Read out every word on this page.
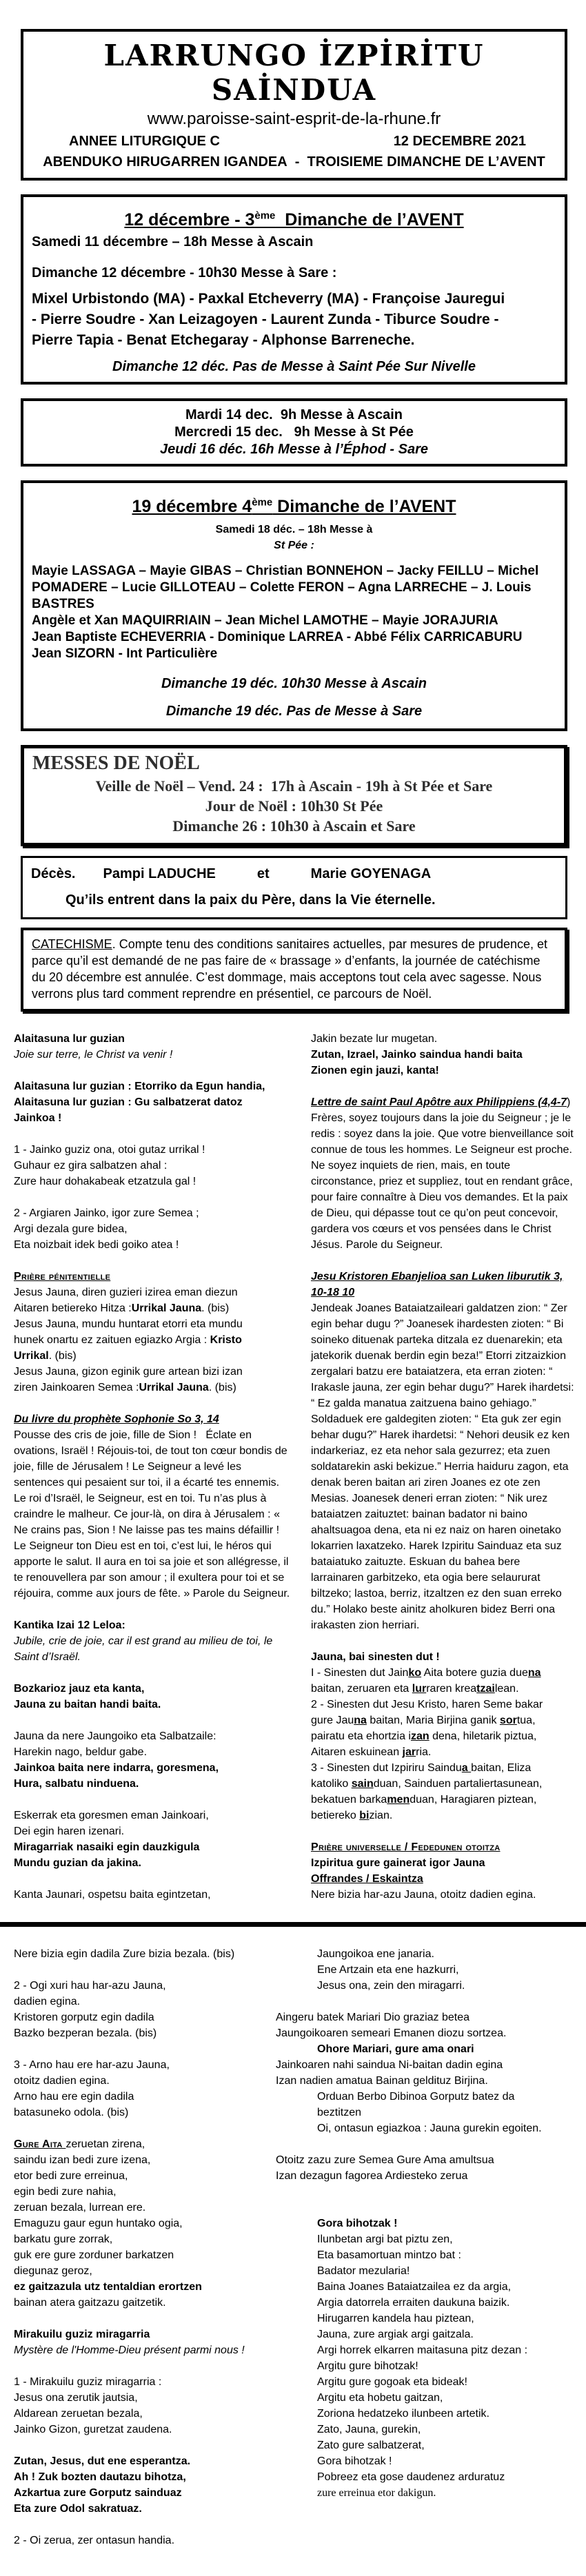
LARRUNGO İZPİRİTU SAİNDUA
www.paroisse-saint-esprit-de-la-rhune.fr
ANNEE LITURGIQUE C	12 DECEMBRE 2021
ABENDUKO HIRUGARREN IGANDEA  -  TROISIEME DIMANCHE DE L’AVENT
12 décembre - 3ème  Dimanche de l’AVENT
Samedi 11 décembre – 18h Messe à Ascain
Dimanche 12 décembre - 10h30 Messe à Sare :
Mixel Urbistondo (MA) - Paxkal Etcheverry (MA) - Françoise Jauregui
- Pierre Soudre - Xan Leizagoyen - Laurent Zunda - Tiburce Soudre -
Pierre Tapia - Benat Etchegaray - Alphonse Barreneche.
Dimanche 12 déc. Pas de Messe à Saint Pée Sur Nivelle
Mardi 14 dec.  9h Messe à Ascain
Mercredi 15 dec.   9h Messe à St Pée
Jeudi 16 déc. 16h Messe à l’Éphod - Sare
19 décembre 4ème Dimanche de l’AVENT
Samedi 18 déc. – 18h Messe à
St Pée :
Mayie LASSAGA – Mayie GIBAS – Christian BONNEHON – Jacky FEILLU – Michel
POMADERE – Lucie GILLOTEAU – Colette FERON – Agna LARRECHE – J. Louis BASTRES
Angèle et Xan MAQUIRRIAIN – Jean Michel LAMOTHE – Mayie JORAJURIA
Jean Baptiste ECHEVERRIA - Dominique LARREA - Abbé Félix CARRICABURU
Jean SIZORN - Int Particulière
Dimanche 19 déc. 10h30 Messe à Ascain
Dimanche 19 déc. Pas de Messe à Sare
MESSES DE NOËL
Veille de Noël – Vend. 24 :  17h à Ascain - 19h à St Pée et Sare
Jour de Noël : 10h30 St Pée
Dimanche 26 : 10h30 à Ascain et Sare
Décès. Pampi LADUCHE	et	Marie GOYENAGA
Qu’ils entrent dans la paix du Père, dans la Vie éternelle.
CATECHISME. Compte tenu des conditions sanitaires actuelles, par mesures de prudence, et parce qu’il est demandé de ne pas faire de « brassage » d’enfants, la journée de catéchisme du 20 décembre est annulée. C’est dommage, mais acceptons tout cela avec sagesse. Nous verrons plus tard comment reprendre en présentiel, ce parcours de Noël.
Alaitasuna lur guzian
Joie sur terre, le Christ va venir !
Alaitasuna lur guzian : Etorriko da Egun handia,
Alaitasuna lur guzian : Gu salbatzerat datoz
Jainkoa !
1 - Jainko guziz ona, otoi gutaz urrikal !
Guhaur ez gira salbatzen ahal :
Zure haur dohakabeak etzatzula gal !
2 - Argiaren Jainko, igor zure Semea ;
Argi dezala gure bidea,
Eta noizbait idek bedi goiko atea !
Prière pénitentielle
Jesus Jauna, diren guzieri izirea eman diezun
Aitaren betiereko Hitza :Urrikal Jauna. (bis)
Jesus Jauna, mundu huntarat etorri eta mundu
hunek onartu ez zaituen egiazko Argia : Kristo
Urrikal. (bis)
Jesus Jauna, gizon eginik gure artean bizi izan
ziren Jainkoaren Semea :Urrikal Jauna. (bis)
Du livre du prophète Sophonie So 3, 14
Pousse des cris de joie, fille de Sion !   Éclate en ovations, Israël ! Réjouis-toi, de tout ton cœur bondis de joie, fille de Jérusalem ! Le Seigneur a levé les sentences qui pesaient sur toi, il a écarté tes ennemis. Le roi d’Israël, le Seigneur, est en toi. Tu n’as plus à craindre le malheur. Ce jour-là, on dira à Jérusalem : « Ne crains pas, Sion ! Ne laisse pas tes mains défaillir ! Le Seigneur ton Dieu est en toi, c’est lui, le héros qui apporte le salut. Il aura en toi sa joie et son allégresse, il te renouvellera par son amour ; il exultera pour toi et se réjouira, comme aux jours de fête. » Parole du Seigneur.
Kantika Izai 12 Leloa:
Jubile, crie de joie, car il est grand au milieu de toi, le Saint d’Israël.
Bozkarioz jauz eta kanta,
Jauna zu baitan handi baita.
Jauna da nere Jaungoiko eta Salbatzaile:
Harekin nago, beldur gabe.
Jainkoa baita nere indarra, goresmena,
Hura, salbatu ninduena.
Eskerrak eta goresmen eman Jainkoari,
Dei egin haren izenari.
Miragarriak nasaiki egin dauzkigula
Mundu guzian da jakina.
Kanta Jaunari, ospetsu baita egintzetan,
Jakin bezate lur mugetan.
Zutan, Izrael, Jainko saindua handi baita
Zionen egin jauzi, kanta!
Lettre de saint Paul Apôtre aux Philippiens (4,4-7) Frères, soyez toujours dans la joie du Seigneur ; je le redis : soyez dans la joie. Que votre bienveillance soit connue de tous les hommes. Le Seigneur est proche. Ne soyez inquiets de rien, mais, en toute circonstance, priez et suppliez, tout en rendant grâce, pour faire connaître à Dieu vos demandes. Et la paix de Dieu, qui dépasse tout ce qu’on peut concevoir, gardera vos cœurs et vos pensées dans le Christ Jésus. Parole du Seigneur.
Jesu Kristoren Ebanjelioa san Luken liburutik 3, 10-18 10
Jendeak Joanes Bataiatzaileari galdatzen zion: “ Zer egin behar dugu ?” Joanesek ihardesten zioten: “ Bi soineko dituenak parteka ditzala ez duenarekin; eta jatekorik duenak berdin egin beza!” Etorri zitzaizkion zergalari batzu ere bataiatzera, eta erran zioten: “ Irakasle jauna, zer egin behar dugu?” Harek ihardetsi: “ Ez galda manatua zaitzuena baino gehiago.” Soldaduek ere galdegiten zioten: “ Eta guk zer egin behar dugu?” Harek ihardetsi: “ Nehori deusik ez ken indarkeriaz, ez eta nehor sala gezurrez; eta zuen soldatarekin aski bekizue.” Herria haiduru zagon, eta denak beren baitan ari ziren Joanes ez ote zen Mesias. Joanesek deneri erran zioten: “ Nik urez bataiatzen zaituztet: bainan badator ni baino ahaltsuagoa dena, eta ni ez naiz on haren oinetako lokarrien laxatzeko. Harek Izpiritu Sainduaz eta suz bataiatuko zaituzte. Eskuan du bahea bere larrainaren garbitzeko, eta ogia bere selaururat biltzeko; lastoa, berriz, itzaltzen ez den suan erreko du.” Holako beste ainitz aholkuren bidez Berri ona irakasten zion herriari.
Jauna, bai sinesten dut !
I - Sinesten dut Jainko Aita botere guzia duena
baitan, zeruaren eta lurraren kreatzailean.
2 - Sinesten dut Jesu Kristo, haren Seme bakar
gure Jauna baitan, Maria Birjina ganik sortua,
pairatu eta ehortzia izan dena, hiletarik piztua,
Aitaren eskuinean jarria.
3 - Sinesten dut Izpiriru Saindua baitan, Eliza
katoliko sainduan, Sainduen partaliertasunean,
bekatuen barkamenduan, Haragiaren piztean,
betiereko bizian.
Prière universelle / Fededunen otoitza
Izpiritua gure gainerat igor Jauna
Offrandes / Eskaintza
Nere bizia har-azu Jauna, otoitz dadien egina.
Nere bizia egin dadila Zure bizia bezala. (bis)
2 - Ogi xuri hau har-azu Jauna,
dadien egina.
Kristoren gorputz egin dadila
Bazko bezperan bezala. (bis)
3 - Arno hau ere har-azu Jauna,
otoitz dadien egina.
Arno hau ere egin dadila
batasuneko odola. (bis)
Gure Aita zeruetan zirena,
saindu izan bedi zure izena,
etor bedi zure erreinua,
egin bedi zure nahia,
zeruan bezala, lurrean ere.
Emaguzu gaur egun huntako ogia,
barkatu gure zorrak,
guk ere gure zorduner barkatzen
diegunaz geroz,
ez gaitzazula utz tentaldian erortzen
bainan atera gaitzazu gaitzetik.
Mirakuilu guziz miragarria
Mystère de l'Homme-Dieu présent parmi nous !
1 - Mirakuilu guziz miragarria :
Jesus ona zerutik jautsia,
Aldarean zeruetan bezala,
Jainko Gizon, guretzat zaudena.
Zutan, Jesus, dut ene esperantza.
Ah ! Zuk bozten dautazu bihotza,
Azkartua zure Gorputz sainduaz
Eta zure Odol sakratuaz.
2 - Oi zerua, zer ontasun handia.
Jaungoikoa ene janaria.
Ene Artzain eta ene hazkurri,
Jesus ona, zein den miragarri.
Aingeru batek Mariari Dio graziaz betea
Jaungoikoaren semeari Emanen diozu sortzea.
Ohore Mariari, gure ama onari
Jainkoaren nahi saindua Ni-baitan dadin egina
Izan nadien amatua Bainan geldituz Birjina.
Orduan Berbo Dibinoa Gorputz batez da
beztitzen
Oi, ontasun egiazkoa : Jauna gurekin egoiten.
Otoitz zazu zure Semea Gure Ama amultsua
Izan dezagun fagorea Ardiesteko zerua
Gora bihotzak !
Ilunbetan argi bat piztu zen,
Eta basamortuan mintzo bat :
Badator mezularia!
Baina Joanes Bataiatzailea ez da argia,
Argia datorrela erraiten daukuna baizik.
Hirugarren kandela hau piztean,
Jauna, zure argiak argi gaitzala.
Argi horrek elkarren maitasuna pitz dezan :
Argitu gure bihotzak!
Argitu gure gogoak eta bideak!
Argitu eta hobetu gaitzan,
Zoriona hedatzeko ilunbeen artetik.
Zato, Jauna, gurekin,
Zato gure salbatzerat,
Gora bihotzak !
Pobreez eta gose daudenez arduratuz
zure erreinua etor dakigun.
